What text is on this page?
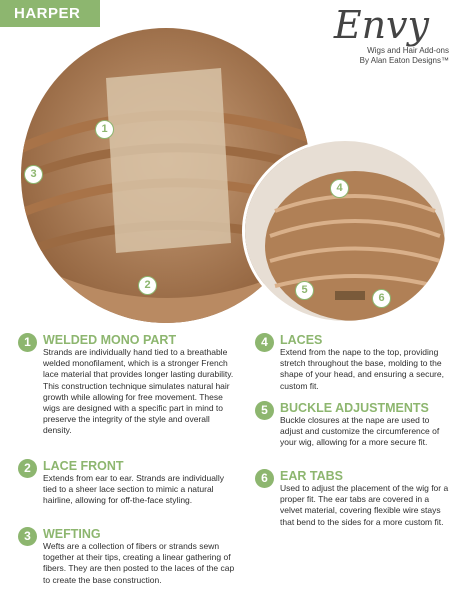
HARPER	Envy
Wigs and Hair Add-ons
By Alan Eaton Designs™
1
2
3
4
5
6
1 WELDED MONO PART
Strands are individually hand tied to a breathable welded monofilament, which is a stronger French lace material that provides longer lasting durability. This construction technique simulates natural hair growth while allowing for free movement. These wigs are designed with a specific part in mind to preserve the integrity of the style and overall density.
2 LACE FRONT
Extends from ear to ear. Strands are individually tied to a sheer lace section to mimic a natural hairline, allowing for off-the-face styling.
3 WEFTING
Wefts are a collection of fibers or strands sewn together at their tips, creating a linear gathering of fibers. They are then posted to the laces of the cap to create the base construction.
4 LACES
Extend from the nape to the top, providing stretch throughout the base, molding to the shape of your head, and ensuring a secure, custom fit.
5 BUCKLE ADJUSTMENTS
Buckle closures at the nape are used to adjust and customize the circumference of your wig, allowing for a more secure fit.
6 EAR TABS
Used to adjust the placement of the wig for a proper fit. The ear tabs are covered in a velvet material, covering flexible wire stays that bend to the sides for a more custom fit.
